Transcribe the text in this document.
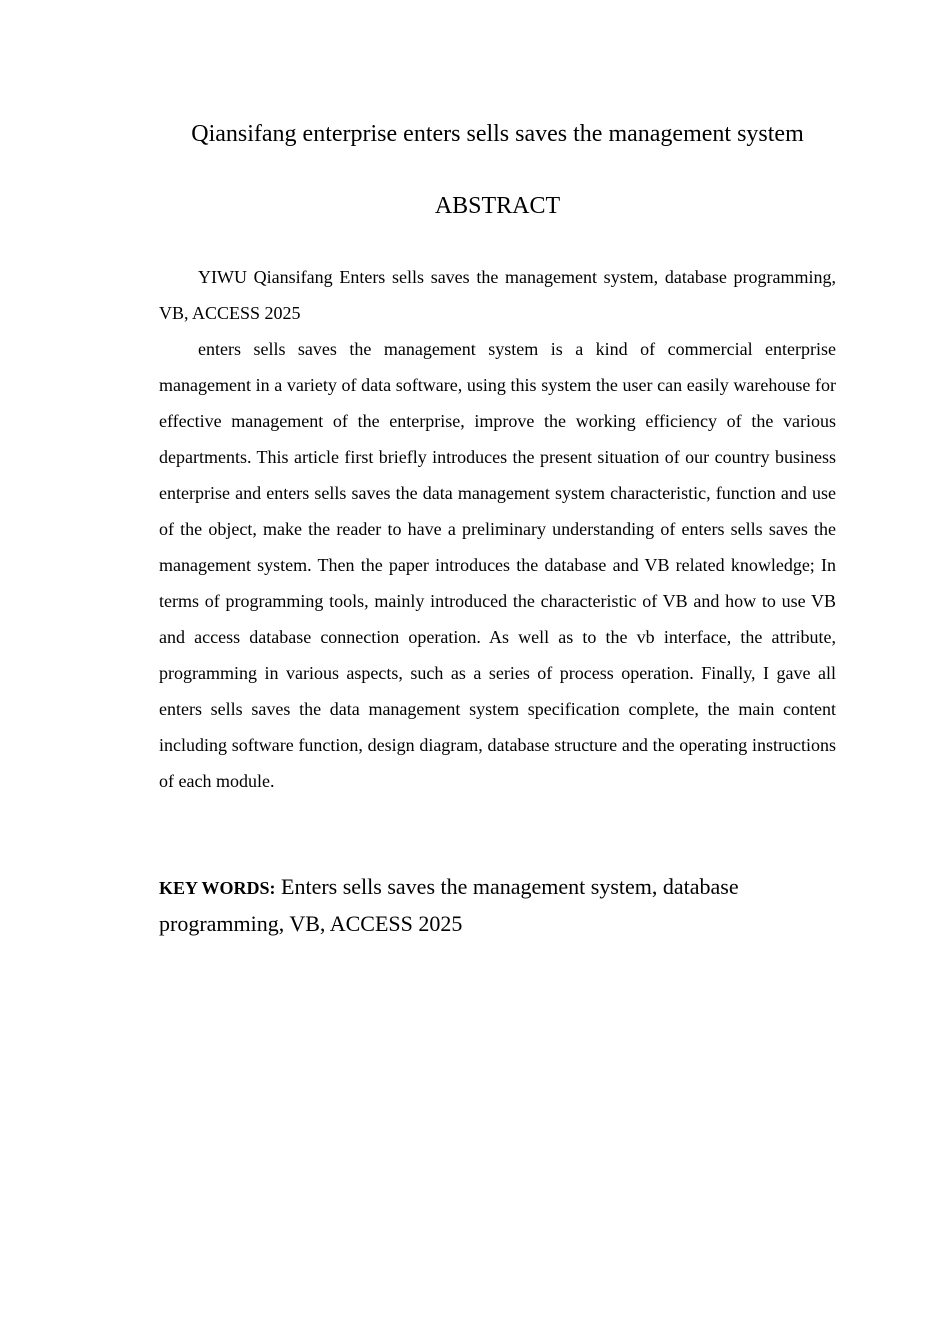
Qiansifang enterprise enters sells saves the management system
ABSTRACT

YIWU Qiansifang Enters sells saves the management system, database programming, VB, ACCESS 2025

enters sells saves the management system is a kind of commercial enterprise management in a variety of data software, using this system the user can easily warehouse for effective management of the enterprise, improve the working efficiency of the various departments. This article first briefly introduces the present situation of our country business enterprise and enters sells saves the data management system characteristic, function and use of the object, make the reader to have a preliminary understanding of enters sells saves the management system. Then the paper introduces the database and VB related knowledge; In terms of programming tools, mainly introduced the characteristic of VB and how to use VB and access database connection operation. As well as to the vb interface, the attribute, programming in various aspects, such as a series of process operation. Finally, I gave all enters sells saves the data management system specification complete, the main content including software function, design diagram, database structure and the operating instructions of each module.

KEY WORDS: Enters sells saves the management system, database programming, VB, ACCESS 2025
